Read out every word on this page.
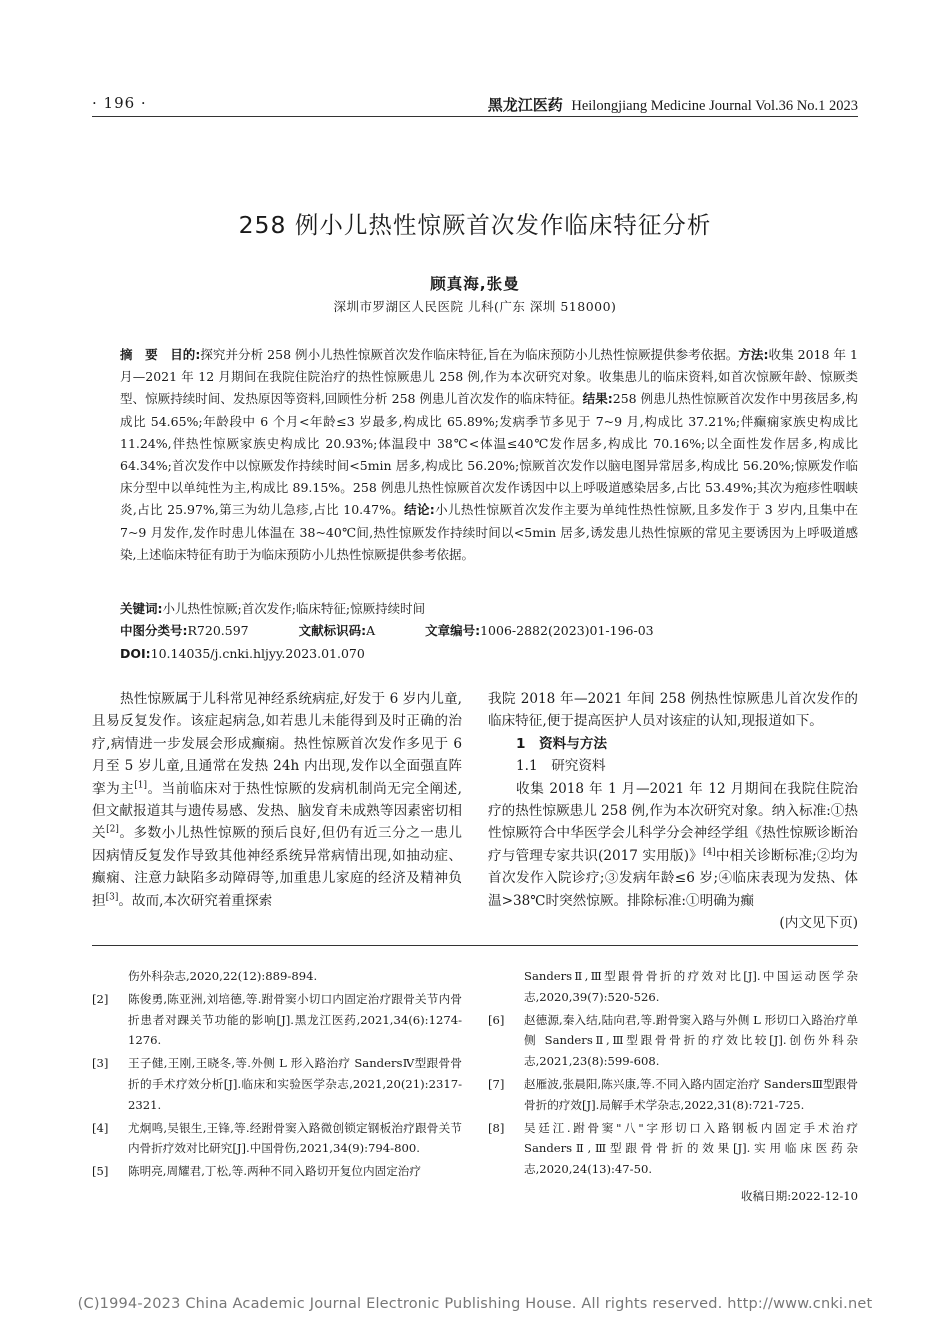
· 196 ·	黑龙江医药 Heilongjiang Medicine Journal Vol.36 No.1 2023
258 例小儿热性惊厥首次发作临床特征分析
顾真海,张曼
深圳市罗湖区人民医院 儿科(广东 深圳 518000)
摘　要　 目的:探究并分析 258 例小儿热性惊厥首次发作临床特征,旨在为临床预防小儿热性惊厥提供参考依据。方法:收集 2018 年 1 月—2021 年 12 月期间在我院住院治疗的热性惊厥患儿 258 例,作为本次研究对象。收集患儿的临床资料,如首次惊厥年龄、惊厥类型、惊厥持续时间、发热原因等资料,回顾性分析 258 例患儿首次发作的临床特征。结果:258 例患儿热性惊厥首次发作中男孩居多,构成比 54.65%;年龄段中 6 个月<年龄≤3 岁最多,构成比 65.89%;发病季节多见于 7~9 月,构成比 37.21%;伴癫痫家族史构成比 11.24%,伴热性惊厥家族史构成比 20.93%;体温段中 38℃<体温≤40℃发作居多,构成比 70.16%;以全面性发作居多,构成比 64.34%;首次发作中以惊厥发作持续时间<5min 居多,构成比 56.20%;惊厥首次发作以脑电图异常居多,构成比 56.20%;惊厥发作临床分型中以单纯性为主,构成比 89.15%。258 例患儿热性惊厥首次发作诱因中以上呼吸道感染居多,占比 53.49%;其次为疱疹性咽峡炎,占比 25.97%,第三为幼儿急疹,占比 10.47%。结论:小儿热性惊厥首次发作主要为单纯性热性惊厥,且多发作于 3 岁内,且集中在 7~9 月发作,发作时患儿体温在 38~40℃间,热性惊厥发作持续时间以<5min 居多,诱发患儿热性惊厥的常见主要诱因为上呼吸道感染,上述临床特征有助于为临床预防小儿热性惊厥提供参考依据。
关键词:小儿热性惊厥;首次发作;临床特征;惊厥持续时间
中图分类号:R720.597	文献标识码:A	文章编号:1006-2882(2023)01-196-03
DOI:10.14035/j.cnki.hljyy.2023.01.070

热性惊厥属于儿科常见神经系统病症,好发于 6 岁内儿童,且易反复发作。该症起病急,如若患儿未能得到及时正确的治疗,病情进一步发展会形成癫痫。热性惊厥首次发作多见于 6 月至 5 岁儿童,且通常在发热 24h 内出现,发作以全面强直阵挛为主[1]。当前临床对于热性惊厥的发病机制尚无完全阐述,但文献报道其与遗传易感、发热、脑发育未成熟等因素密切相关[2]。多数小儿热性惊厥的预后良好,但仍有近三分之一患儿因病情反复发作导致其他神经系统异常病情出现,如抽动症、癫痫、注意力缺陷多动障碍等,加重患儿家庭的经济及精神负担[3]。故而,本次研究着重探索

我院 2018 年—2021 年间 258 例热性惊厥患儿首次发作的临床特征,便于提高医护人员对该症的认知,现报道如下。

1　资料与方法

1.1　研究资料

收集 2018 年 1 月—2021 年 12 月期间在我院住院治疗的热性惊厥患儿 258 例,作为本次研究对象。纳入标准:①热性惊厥符合中华医学会儿科学分会神经学组《热性惊厥诊断治疗与管理专家共识(2017 实用版)》[4]中相关诊断标准;②均为首次发作入院诊疗;③发病年龄≤6 岁;④临床表现为发热、体温>38℃时突然惊厥。排除标准:①明确为癫

(内文见下页)

伤外科杂志,2020,22(12):889-894.
[2]	陈俊勇,陈亚洲,刘培德,等.跗骨窦小切口内固定治疗跟骨关节内骨折患者对踝关节功能的影响[J].黑龙江医药,2021,34(6):1274-1276.
[3]	王子健,王刚,王晓冬,等.外侧 L 形入路治疗 SandersⅣ型跟骨骨折的手术疗效分析[J].临床和实验医学杂志,2021,20(21):2317-2321.
[4]	尤炯鸣,吴银生,王锋,等.经跗骨窦入路微创锁定钢板治疗跟骨关节内骨折疗效对比研究[J].中国骨伤,2021,34(9):794-800.
[5]	陈明亮,周耀君,丁松,等.两种不同入路切开复位内固定治疗
SandersⅡ,Ⅲ型跟骨骨折的疗效对比[J].中国运动医学杂志,2020,39(7):520-526.
[6]	赵德源,秦入结,陆向君,等.跗骨窦入路与外侧 L 形切口入路治疗单侧 SandersⅡ,Ⅲ型跟骨骨折的疗效比较[J].创伤外科杂志,2021,23(8):599-608.
[7]	赵雁波,张晨阳,陈兴康,等.不同入路内固定治疗 SandersⅢ型跟骨骨折的疗效[J].局解手术学杂志,2022,31(8):721-725.
[8]	吴廷江.跗骨窦"八"字形切口入路钢板内固定手术治疗 SandersⅡ,Ⅲ型跟骨骨折的效果[J].实用临床医药杂志,2020,24(13):47-50.
收稿日期:2022-12-10
(C)1994-2023 China Academic Journal Electronic Publishing House. All rights reserved. http://www.cnki.net
